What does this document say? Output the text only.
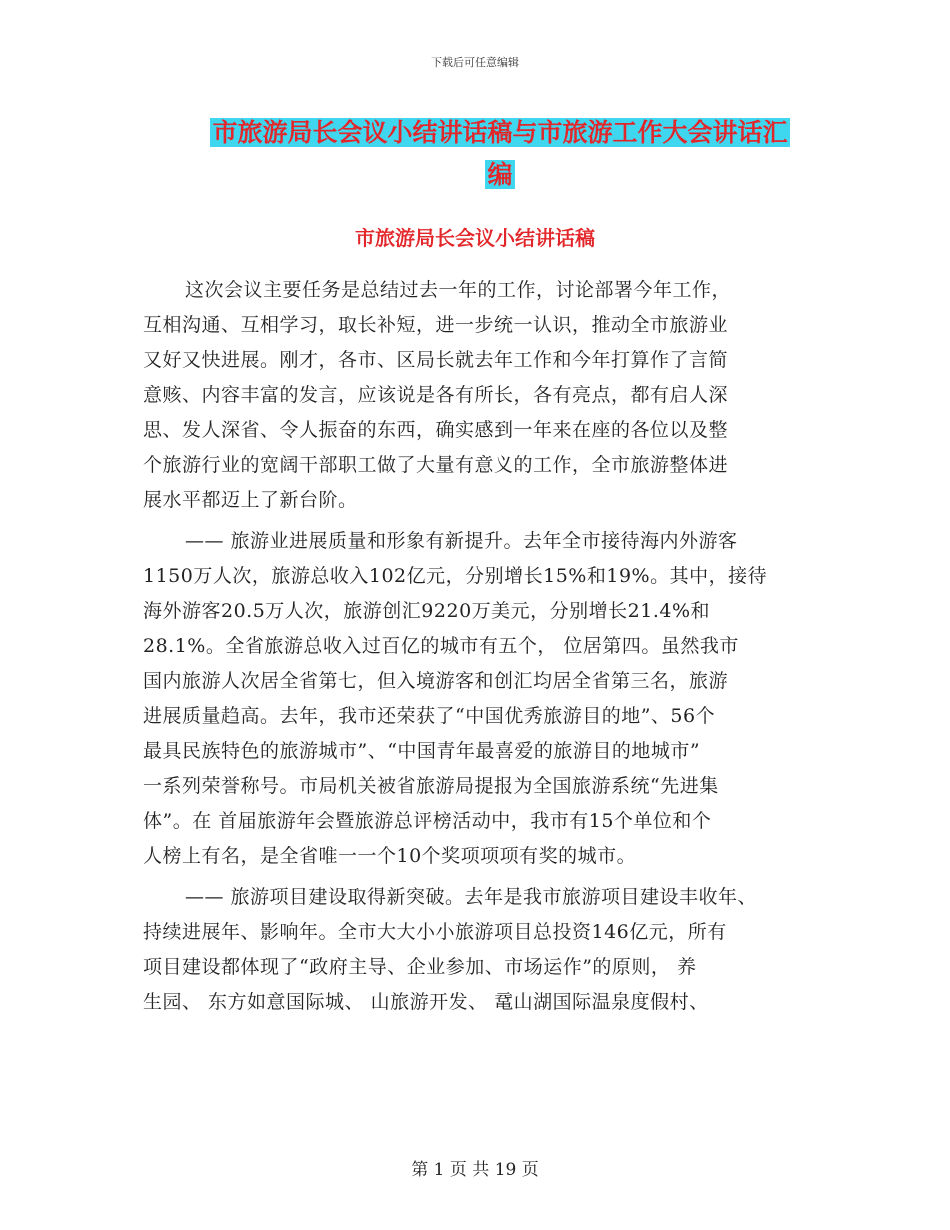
下载后可任意编辑
市旅游局长会议小结讲话稿与市旅游工作大会讲话汇
编
市旅游局长会议小结讲话稿
这次会议主要任务是总结过去一年的工作，讨论部署今年工作，
互相沟通、互相学习，取长补短，进一步统一认识，推动全市旅游业
又好又快进展。刚才，各市、区局长就去年工作和今年打算作了言简
意赅、内容丰富的发言，应该说是各有所长，各有亮点，都有启人深
思、发人深省、令人振奋的东西，确实感到一年来在座的各位以及整
个旅游行业的宽阔干部职工做了大量有意义的工作，全市旅游整体进
展水平都迈上了新台阶。
—— 旅游业进展质量和形象有新提升。去年全市接待海内外游客
1150万人次，旅游总收入102亿元，分别增长15%和19%。其中，接待
海外游客20.5万人次，旅游创汇9220万美元，分别增长21.4%和
28.1%。全省旅游总收入过百亿的城市有五个， 位居第四。虽然我市
国内旅游人次居全省第七，但入境游客和创汇均居全省第三名，旅游
进展质量趋高。去年，我市还荣获了“中国优秀旅游目的地”、56个
最具民族特色的旅游城市”、“中国青年最喜爱的旅游目的地城市”
一系列荣誉称号。市局机关被省旅游局提报为全国旅游系统“先进集
体”。在 首届旅游年会暨旅游总评榜活动中，我市有15个单位和个
人榜上有名，是全省唯一一个10个奖项项项有奖的城市。
—— 旅游项目建设取得新突破。去年是我市旅游项目建设丰收年、
持续进展年、影响年。全市大大小小旅游项目总投资146亿元，所有
项目建设都体现了“政府主导、企业参加、市场运作”的原则， 养
生园、 东方如意国际城、 山旅游开发、 鼋山湖国际温泉度假村、
第 1 页 共 19 页
